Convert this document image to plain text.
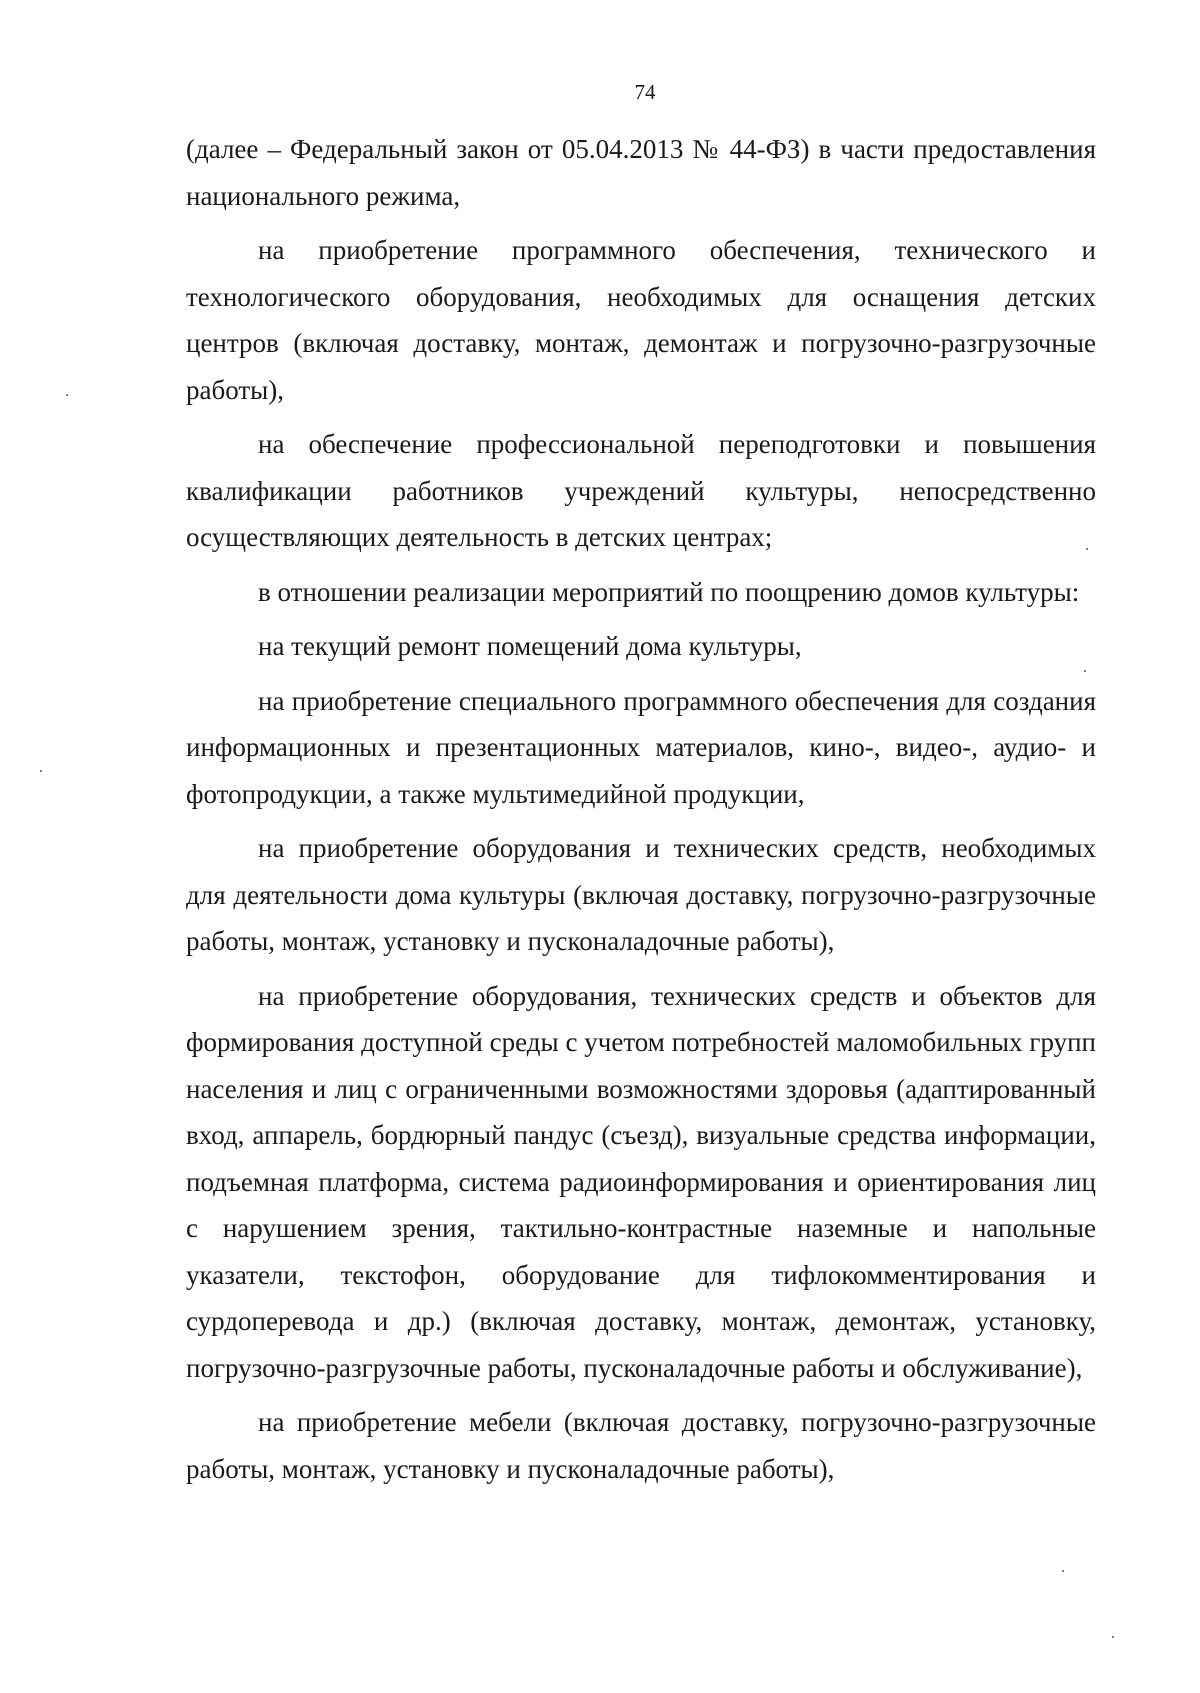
74

(далее – Федеральный закон от 05.04.2013 № 44-ФЗ) в части предоставления национального режима,

на приобретение программного обеспечения, технического и технологического оборудования, необходимых для оснащения детских центров (включая доставку, монтаж, демонтаж и погрузочно-разгрузочные работы),

на обеспечение профессиональной переподготовки и повышения квалификации работников учреждений культуры, непосредственно осуществляющих деятельность в детских центрах;

в отношении реализации мероприятий по поощрению домов культуры:

на текущий ремонт помещений дома культуры,

на приобретение специального программного обеспечения для создания информационных и презентационных материалов, кино-, видео-, аудио- и фотопродукции, а также мультимедийной продукции,

на приобретение оборудования и технических средств, необходимых для деятельности дома культуры (включая доставку, погрузочно-разгрузочные работы, монтаж, установку и пусконаладочные работы),

на приобретение оборудования, технических средств и объектов для формирования доступной среды с учетом потребностей маломобильных групп населения и лиц с ограниченными возможностями здоровья (адаптированный вход, аппарель, бордюрный пандус (съезд), визуальные средства информации, подъемная платформа, система радиоинформирования и ориентирования лиц с нарушением зрения, тактильно-контрастные наземные и напольные указатели, текстофон, оборудование для тифлокомментирования и сурдоперевода и др.) (включая доставку, монтаж, демонтаж, установку, погрузочно-разгрузочные работы, пусконаладочные работы и обслуживание),

на приобретение мебели (включая доставку, погрузочно-разгрузочные работы, монтаж, установку и пусконаладочные работы),
